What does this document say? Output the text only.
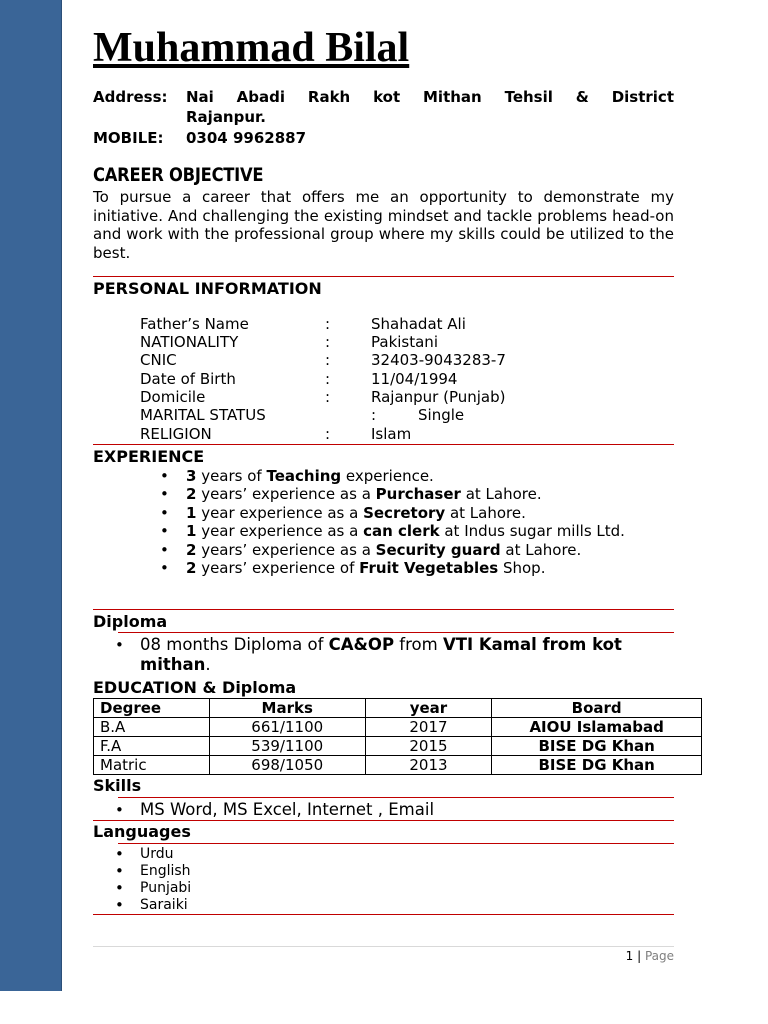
Muhammad Bilal
Address: Nai Abadi Rakh kot Mithan Tehsil & District
Rajanpur.
MOBILE: 0304 9962887
CAREER OBJECTIVE
To pursue a career that offers me an opportunity to demonstrate my initiative. And challenging the existing mindset and tackle problems head-on and work with the professional group where my skills could be utilized to the best.
PERSONAL INFORMATION
Father’s Name	:	Shahadat Ali
NATIONALITY	:	Pakistani
CNIC	:	32403-9043283-7
Date of Birth	:	11/04/1994
Domicile	:	Rajanpur (Punjab)
MARITAL STATUS	:	Single
RELIGION	:	Islam
EXPERIENCE
• 3 years of Teaching experience.
• 2 years’ experience as a Purchaser at Lahore.
• 1 year experience as a Secretory at Lahore.
• 1 year experience as a can clerk at Indus sugar mills Ltd.
• 2 years’ experience as a Security guard at Lahore.
• 2 years’ experience of Fruit Vegetables Shop.
Diploma
• 08 months Diploma of CA&OP from VTI Kamal from kot mithan.
EDUCATION & Diploma
Degree	Marks	year	Board
B.A	661/1100	2017	AIOU Islamabad
F.A	539/1100	2015	BISE DG Khan
Matric	698/1050	2013	BISE DG Khan
Skills
• MS Word, MS Excel, Internet , Email
Languages
• Urdu
• English
• Punjabi
• Saraiki
1 | Page
